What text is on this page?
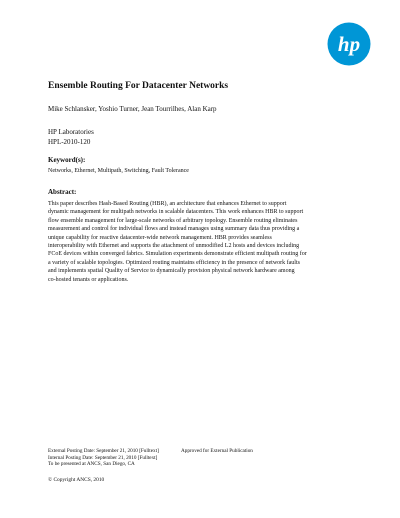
hp
Ensemble Routing For Datacenter Networks
Mike Schlansker, Yoshio Turner, Jean Tourrilhes, Alan Karp
HP Laboratories
HPL-2010-120
Keyword(s):
Networks, Ethernet, Multipath, Switching, Fault Tolerance
Abstract:
This paper describes Hash-Based Routing (HBR), an architecture that enhances Ethernet to support
dynamic management for multipath networks in scalable datacenters. This work enhances HBR to support
flow ensemble management for large-scale networks of arbitrary topology. Ensemble routing eliminates
measurement and control for individual flows and instead manages using summary data thus providing a
unique capability for reactive datacenter-wide network management. HBR provides seamless
interoperability with Ethernet and supports the attachment of unmodified L2 hosts and devices including
FCoE devices within converged fabrics. Simulation experiments demonstrate efficient multipath routing for
a variety of scalable topologies. Optimized routing maintains efficiency in the presence of network faults
and implements spatial Quality of Service to dynamically provision physical network hardware among
co-hosted tenants or applications.
External Posting Date: September 21, 2010 [Fulltext]	Approved for External Publication
Internal Posting Date: September 21, 2010 [Fulltext]
To be presented at ANCS, San Diego, CA
© Copyright ANCS, 2010
